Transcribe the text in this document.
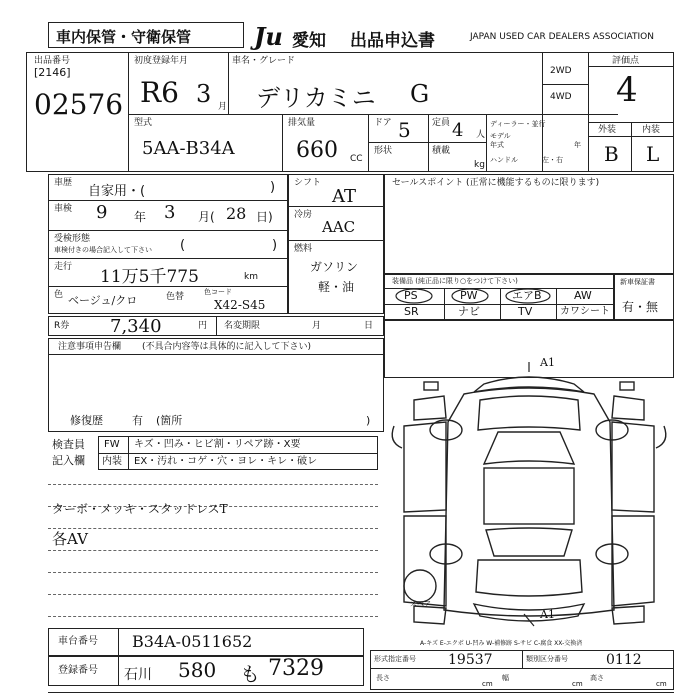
車内保管・守衛保管	Ju 愛知 出品申込書	JAPAN USED CAR DEALERS ASSOCIATION
出品番号
[2146]
02576
初度登録年月
R6 3 月
車名・グレード
デリカミニ G
2WD
4WD
評価点
4
型式
5AA-B34A
排気量
660 CC
ドア 5 定員 4 人
形状	積載
kg
ディーラー・並行
モデル
年式	年
ハンドル	左・右
外装	内装
B L
車歴
自家用・(	)
車検 9 年 3 月( 28 日)
受検形態
車検付きの場合記入して下さい (	)
走行 11万5千775	km
色 ベージュ/クロ	色替	色コード
X42-S45
シフト
AT
冷房
AAC
燃料
ガソリン
軽・油
セールスポイント (正常に機能するものに限ります)
装備品 (純正品に限り○をつけて下さい)
PS	PW	エアB	AW
SR	ナビ	TV	カワシート
新車保証書
有・無
R券 7,340	円 名変期限	月	日
注意事項申告欄 (不具合内容等は具体的に記入して下さい)
修復歴	有 (箇所	)
検査員
記入欄
FW キズ・凹み・ヒビ割・リペア跡・X要
内装 EX・汚れ・コゲ・穴・ヨレ・キレ・破レ
ターボ・メッキ・スタッドレスT
各AV
A1
A1
スペア
A-キズ E-エクボ U-凹み W-補修跡 S-サビ C-腐食 XX-交換済
車台番号 B34A-0511652
登録番号 石川 580 も 7329	形式指定番号 19537	類別区分番号	0112
長さ
cm
幅
cm
高さ
cm
